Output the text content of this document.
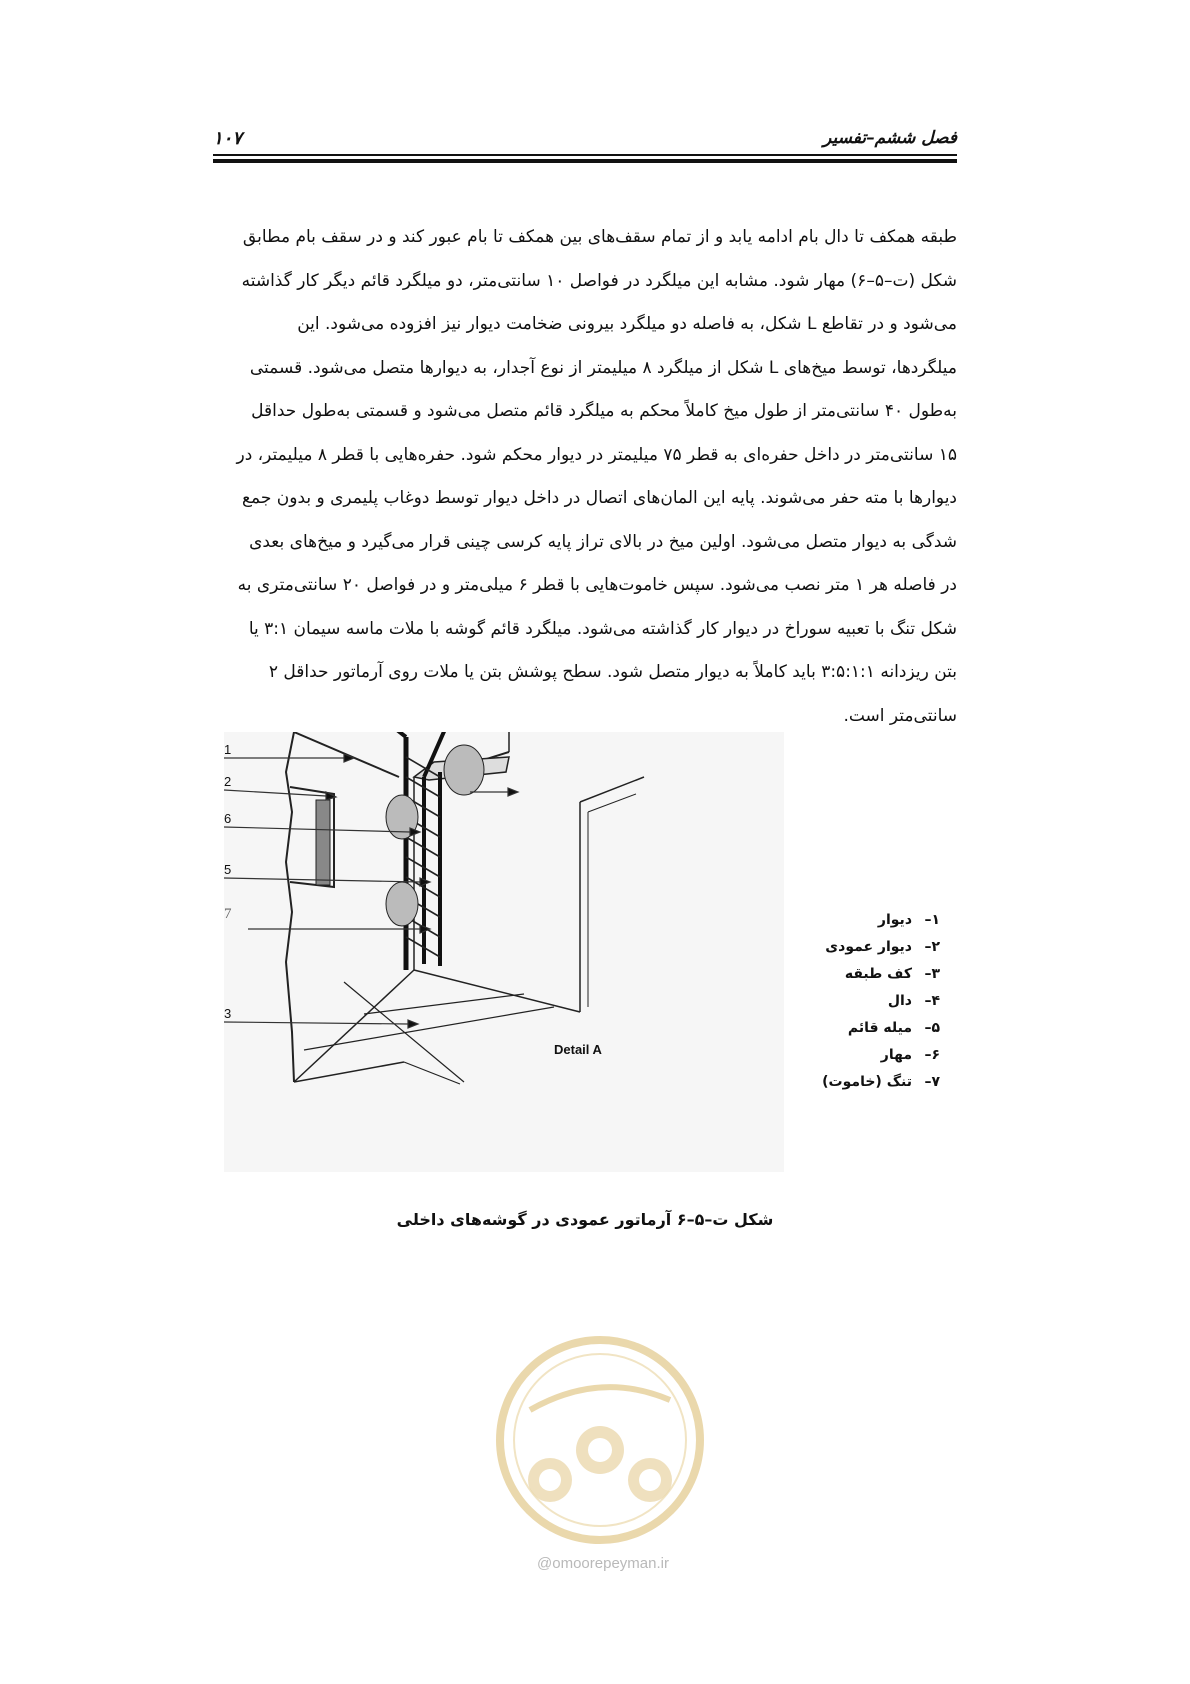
فصل ششم–تفسیر
۱۰۷
طبقه همکف تا دال بام ادامه یابد و از تمام سقف‌های بین همکف تا بام عبور کند و در سقف بام مطابق
شکل (ت–۵–۶) مهار شود. مشابه این میلگرد در فواصل ۱۰ سانتی‌متر، دو میلگرد قائم دیگر کار گذاشته
می‌شود و در تقاطع L شکل، به فاصله دو میلگرد بیرونی ضخامت دیوار نیز افزوده می‌شود. این
میلگردها، توسط میخ‌های L شکل از میلگرد ۸ میلیمتر از نوع آجدار، به دیوارها متصل می‌شود. قسمتی
به‌طول ۴۰ سانتی‌متر از طول میخ کاملاً محکم به میلگرد قائم متصل می‌شود و قسمتی به‌طول حداقل
۱۵ سانتی‌متر در داخل حفره‌ای به قطر ۷۵ میلیمتر در دیوار محکم شود. حفره‌هایی با قطر ۸ میلیمتر، در
دیوارها با مته حفر می‌شوند. پایه این المان‌های اتصال در داخل دیوار توسط دوغاب پلیمری و بدون جمع
شدگی به دیوار متصل می‌شود. اولین میخ در بالای تراز پایه کرسی چینی قرار می‌گیرد و میخ‌های بعدی
در فاصله هر ۱ متر نصب می‌شود. سپس خاموت‌هایی با قطر ۶ میلی‌متر و در فواصل ۲۰ سانتی‌متری به
شکل تنگ با تعبیه سوراخ در دیوار کار گذاشته می‌شود. میلگرد قائم گوشه با ملات ماسه سیمان ۳:۱ یا
بتن ریزدانه ۳:۵:۱:۱ باید کاملاً به دیوار متصل شود. سطح پوشش بتن یا ملات روی آرماتور حداقل ۲
سانتی‌متر است.
1
2
6
5
7
3
Detail A
۱–دیوار
۲–دیوار عمودی
۳–کف طبقه
۴–دال
۵–میله قائم
۶–مهار
۷–تنگ (خاموت)
شکل ت–۵–۶ آرماتور عمودی در گوشه‌های داخلی
@omoorepeyman.ir
